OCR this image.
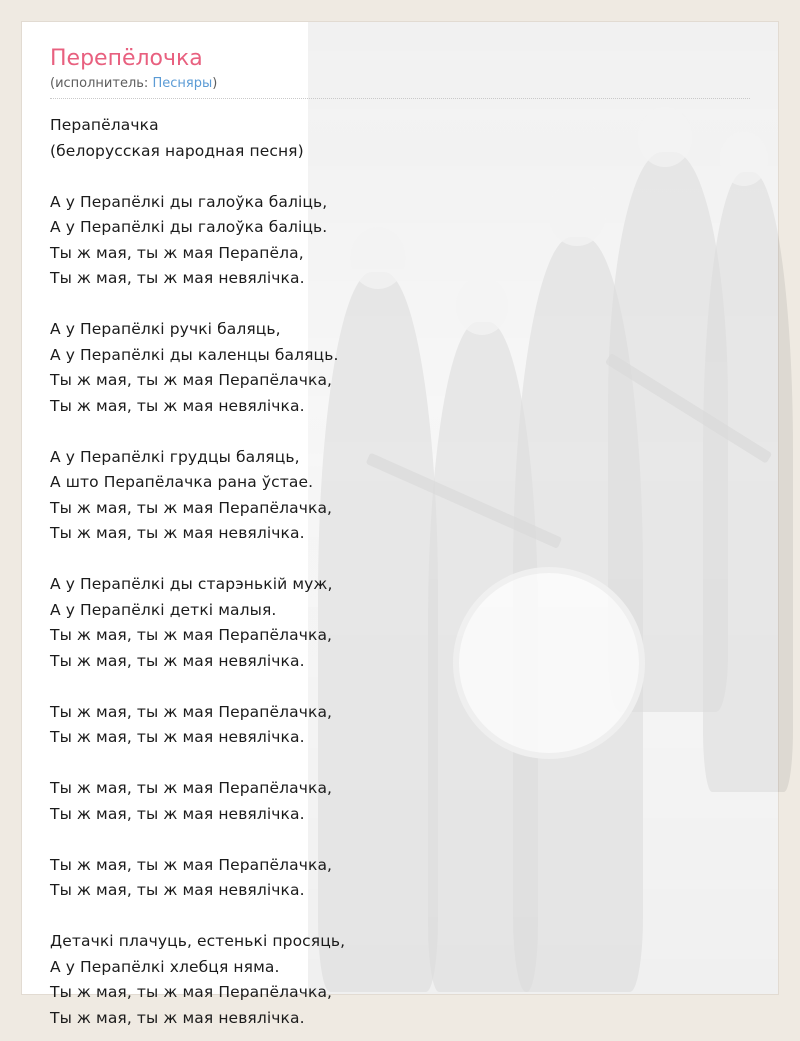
Перепёлочка
(исполнитель: Песняры)
Перапёлачка
(белорусская народная песня)
А у Перапёлкі ды галоўка баліць,
А у Перапёлкі ды галоўка баліць.
Ты ж мая, ты ж мая Перапёла,
Ты ж мая, ты ж мая невялічка.
А у Перапёлкі ручкі баляць,
А у Перапёлкі ды каленцы баляць.
Ты ж мая, ты ж мая Перапёлачка,
Ты ж мая, ты ж мая невялічка.
А у Перапёлкі грудцы баляць,
А што Перапёлачка рана ўстае.
Ты ж мая, ты ж мая Перапёлачка,
Ты ж мая, ты ж мая невялічка.
А у Перапёлкі ды старэнькій муж,
А у Перапёлкі деткі малыя.
Ты ж мая, ты ж мая Перапёлачка,
Ты ж мая, ты ж мая невялічка.
Ты ж мая, ты ж мая Перапёлачка,
Ты ж мая, ты ж мая невялічка.
Ты ж мая, ты ж мая Перапёлачка,
Ты ж мая, ты ж мая невялічка.
Ты ж мая, ты ж мая Перапёлачка,
Ты ж мая, ты ж мая невялічка.
Детачкі плачуць, естенькі просяць,
А у Перапёлкі хлебця няма.
Ты ж мая, ты ж мая Перапёлачка,
Ты ж мая, ты ж мая невялічка.
